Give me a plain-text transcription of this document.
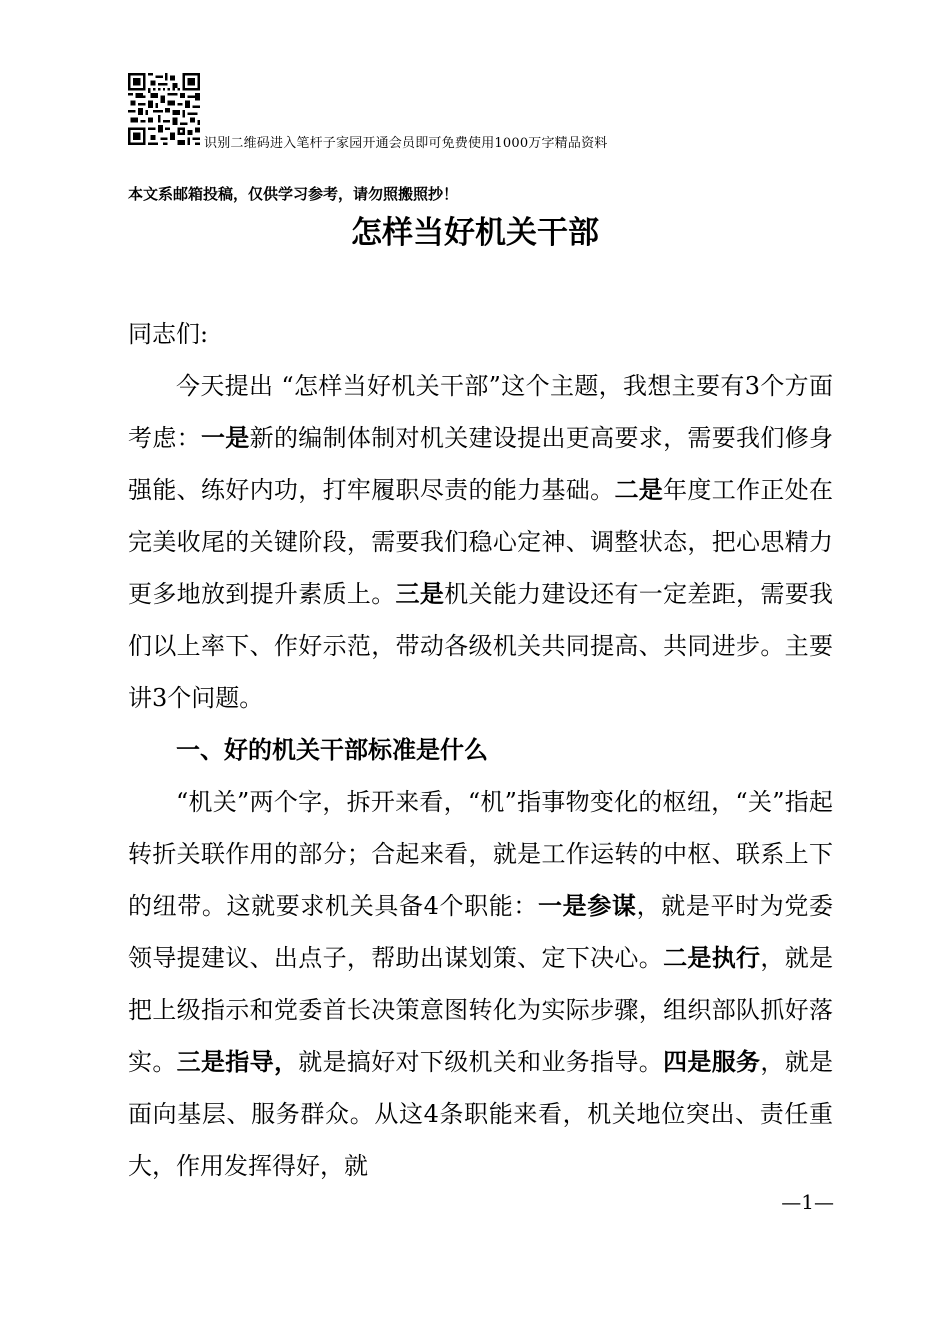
识别二维码进入笔杆子家园开通会员即可免费使用1000万字精品资料
本文系邮箱投稿，仅供学习参考，请勿照搬照抄！
怎样当好机关干部

同志们:

今天提出 “怎样当好机关干部”这个主题，我想主要有3个方面考虑：一是新的编制体制对机关建设提出更高要求，需要我们修身强能、练好内功，打牢履职尽责的能力基础。二是年度工作正处在完美收尾的关键阶段，需要我们稳心定神、调整状态，把心思精力更多地放到提升素质上。三是机关能力建设还有一定差距，需要我们以上率下、作好示范，带动各级机关共同提高、共同进步。主要讲3个问题。

一、好的机关干部标准是什么

“机关”两个字，拆开来看，“机”指事物变化的枢纽，“关”指起转折关联作用的部分；合起来看，就是工作运转的中枢、联系上下的纽带。这就要求机关具备4个职能：一是参谋，就是平时为党委领导提建议、出点子，帮助出谋划策、定下决心。二是执行，就是把上级指示和党委首长决策意图转化为实际步骤，组织部队抓好落实。三是指导，就是搞好对下级机关和业务指导。四是服务，就是面向基层、服务群众。从这4条职能来看，机关地位突出、责任重大，作用发挥得好，就

—1—
